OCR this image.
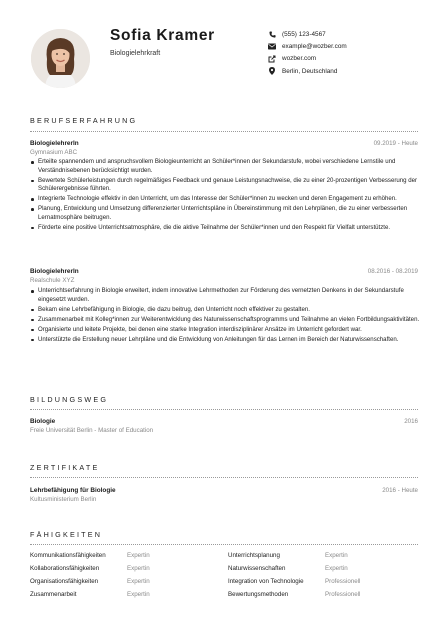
Sofia Kramer
Biologielehrkraft
(555) 123-4567
example@wozber.com
wozber.com
Berlin, Deutschland
BERUFSERFAHRUNG
BiologielehrerIn	09.2019 - Heute
Gymnasium ABC
Erteilte spannendem und anspruchsvollem Biologieunterricht an Schüler*innen der Sekundarstufe, wobei verschiedene Lernstile und Verständnisebenen berücksichtigt wurden.
Bewertete Schülerleistungen durch regelmäßiges Feedback und genaue Leistungsnachweise, die zu einer 20-prozentigen Verbesserung der Schülerergebnisse führten.
Integrierte Technologie effektiv in den Unterricht, um das Interesse der Schüler*innen zu wecken und deren Engagement zu erhöhen.
Planung, Entwicklung und Umsetzung differenzierter Unterrichtspläne in Übereinstimmung mit den Lehrplänen, die zu einer verbesserten Lernatmosphäre beitrugen.
Förderte eine positive Unterrichtsatmosphäre, die die aktive Teilnahme der Schüler*innen und den Respekt für Vielfalt unterstützte.
BiologielehrerIn	08.2016 - 08.2019
Realschule XYZ
Unterrichtserfahrung in Biologie erweitert, indem innovative Lehrmethoden zur Förderung des vernetzten Denkens in der Sekundarstufe eingesetzt wurden.
Bekam eine Lehrbefähigung in Biologie, die dazu beitrug, den Unterricht noch effektiver zu gestalten.
Zusammenarbeit mit Kolleg*innen zur Weiterentwicklung des Naturwissenschaftsprogramms und Teilnahme an vielen Fortbildungsaktivitäten.
Organisierte und leitete Projekte, bei denen eine starke Integration interdisziplinärer Ansätze im Unterricht gefordert war.
Unterstützte die Erstellung neuer Lehrpläne und die Entwicklung von Anleitungen für das Lernen im Bereich der Naturwissenschaften.
BILDUNGSWEG
Biologie	2016
Freie Universität Berlin - Master of Education
ZERTIFIKATE
Lehrbefähigung für Biologie	2016 - Heute
Kultusministerium Berlin
FÄHIGKEITEN
Kommunikationsfähigkeiten	Expertin	Unterrichtsplanung	Expertin
Kollaborationsfähigkeiten	Expertin	Naturwissenschaften	Expertin
Organisationsfähigkeiten	Expertin	Integration von Technologie	Professionell
Zusammenarbeit	Expertin	Bewertungsmethoden	Professionell
